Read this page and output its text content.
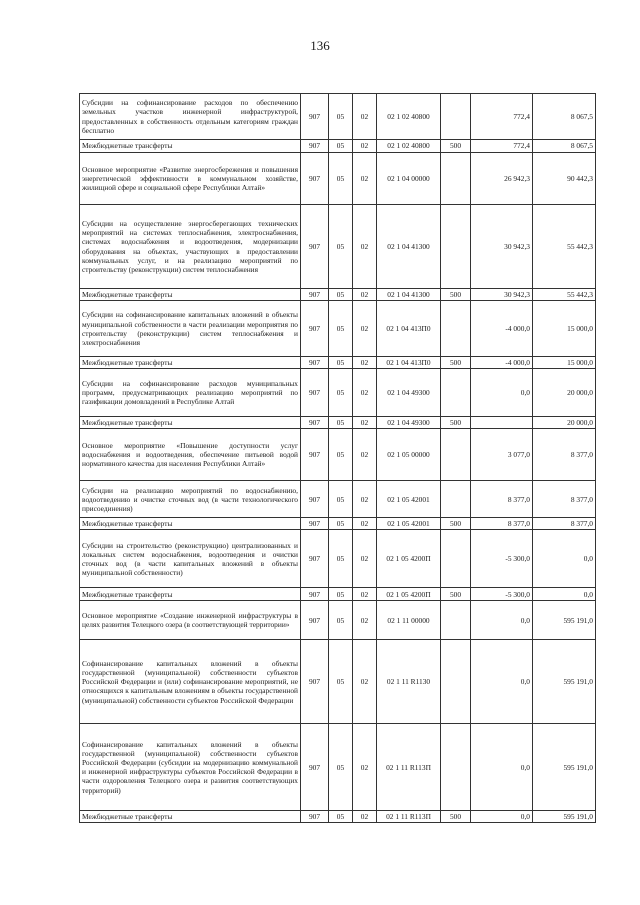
136
Субсидии на софинансирование расходов по обеспечению земельных участков инженерной инфраструктурой, предоставленных в собственность отдельным категориям граждан бесплатно	907	05	02	02 1 02 40800		772,4	8 067,5
Межбюджетные трансферты	907	05	02	02 1 02 40800	500	772,4	8 067,5
Основное мероприятие «Развитие энергосбережения и повышения энергетической эффективности в коммунальном хозяйстве, жилищной сфере и социальной сфере Республики Алтай»	907	05	02	02 1 04 00000		26 942,3	90 442,3
Субсидии на осуществление энергосберегающих технических мероприятий на системах теплоснабжения, электроснабжения, системах водоснабжения и водоотведения, модернизации оборудования на объектах, участвующих в предоставлении коммунальных услуг, и на реализацию мероприятий по строительству (реконструкции) систем теплоснабжения	907	05	02	02 1 04 41300		30 942,3	55 442,3
Межбюджетные трансферты	907	05	02	02 1 04 41300	500	30 942,3	55 442,3
Субсидии на софинансирование капитальных вложений в объекты муниципальной собственности в части реализации мероприятия по строительству (реконструкции) систем теплоснабжения и электроснабжения	907	05	02	02 1 04 413П0		-4 000,0	15 000,0
Межбюджетные трансферты	907	05	02	02 1 04 413П0	500	-4 000,0	15 000,0
Субсидии на софинансирование расходов муниципальных программ, предусматривающих реализацию мероприятий по газификации домовладений в Республике Алтай	907	05	02	02 1 04 49300		0,0	20 000,0
Межбюджетные трансферты	907	05	02	02 1 04 49300	500		20 000,0
Основное мероприятие «Повышение доступности услуг водоснабжения и водоотведения, обеспечение питьевой водой нормативного качества для населения Республики Алтай»	907	05	02	02 1 05 00000		3 077,0	8 377,0
Субсидии на реализацию мероприятий по водоснабжению, водоотведению и очистке сточных вод (в части технологического присоединения)	907	05	02	02 1 05 42001		8 377,0	8 377,0
Межбюджетные трансферты	907	05	02	02 1 05 42001	500	8 377,0	8 377,0
Субсидии на строительство (реконструкцию) централизованных и локальных систем водоснабжения, водоотведения и очистки сточных вод (в части капитальных вложений в объекты муниципальной собственности)	907	05	02	02 1 05 4200П		-5 300,0	0,0
Межбюджетные трансферты	907	05	02	02 1 05 4200П	500	-5 300,0	0,0
Основное мероприятие «Создание инженерной инфраструктуры в целях развития Телецкого озера (в соответствующей территории»	907	05	02	02 1 11 00000		0,0	595 191,0
Софинансирование капитальных вложений в объекты государственной (муниципальной) собственности субъектов Российской Федерации и (или) софинансирование мероприятий, не относящихся к капитальным вложениям в объекты государственной (муниципальной) собственности субъектов Российской Федерации	907	05	02	02 1 11 R1130		0,0	595 191,0
Софинансирование капитальных вложений в объекты государственной (муниципальной) собственности субъектов Российской Федерации (субсидии на модернизацию коммунальной и инженерной инфраструктуры субъектов Российской Федерации в части оздоровления Телецкого озера и развития соответствующих территорий)	907	05	02	02 1 11 R113П		0,0	595 191,0
Межбюджетные трансферты	907	05	02	02 1 11 R113П	500	0,0	595 191,0
